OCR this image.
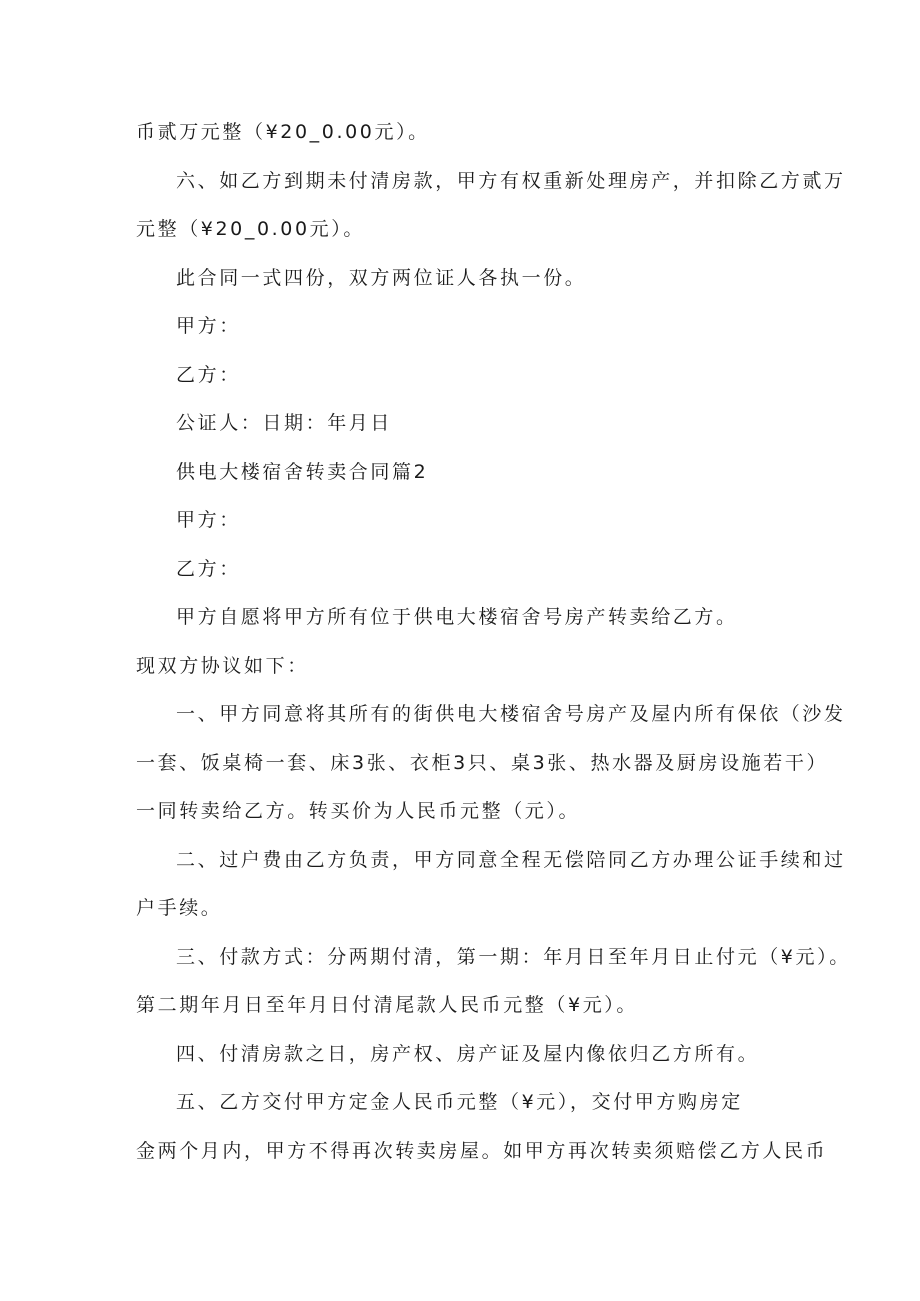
币贰万元整（¥20_0.00元）。
六、如乙方到期未付清房款，甲方有权重新处理房产，并扣除乙方贰万
元整（¥20_0.00元）。
此合同一式四份，双方两位证人各执一份。
甲方：
乙方：
公证人：日期：年月日
供电大楼宿舍转卖合同篇2
甲方：
乙方：
甲方自愿将甲方所有位于供电大楼宿舍号房产转卖给乙方。
现双方协议如下：
一、甲方同意将其所有的街供电大楼宿舍号房产及屋内所有保依（沙发
一套、饭桌椅一套、床3张、衣柜3只、桌3张、热水器及厨房设施若干）
一同转卖给乙方。转买价为人民币元整（元）。
二、过户费由乙方负责，甲方同意全程无偿陪同乙方办理公证手续和过
户手续。
三、付款方式：分两期付清，第一期：年月日至年月日止付元（¥元）。
第二期年月日至年月日付清尾款人民币元整（¥元）。
四、付清房款之日，房产权、房产证及屋内像依归乙方所有。
五、乙方交付甲方定金人民币元整（¥元），交付甲方购房定
金两个月内，甲方不得再次转卖房屋。如甲方再次转卖须赔偿乙方人民币
